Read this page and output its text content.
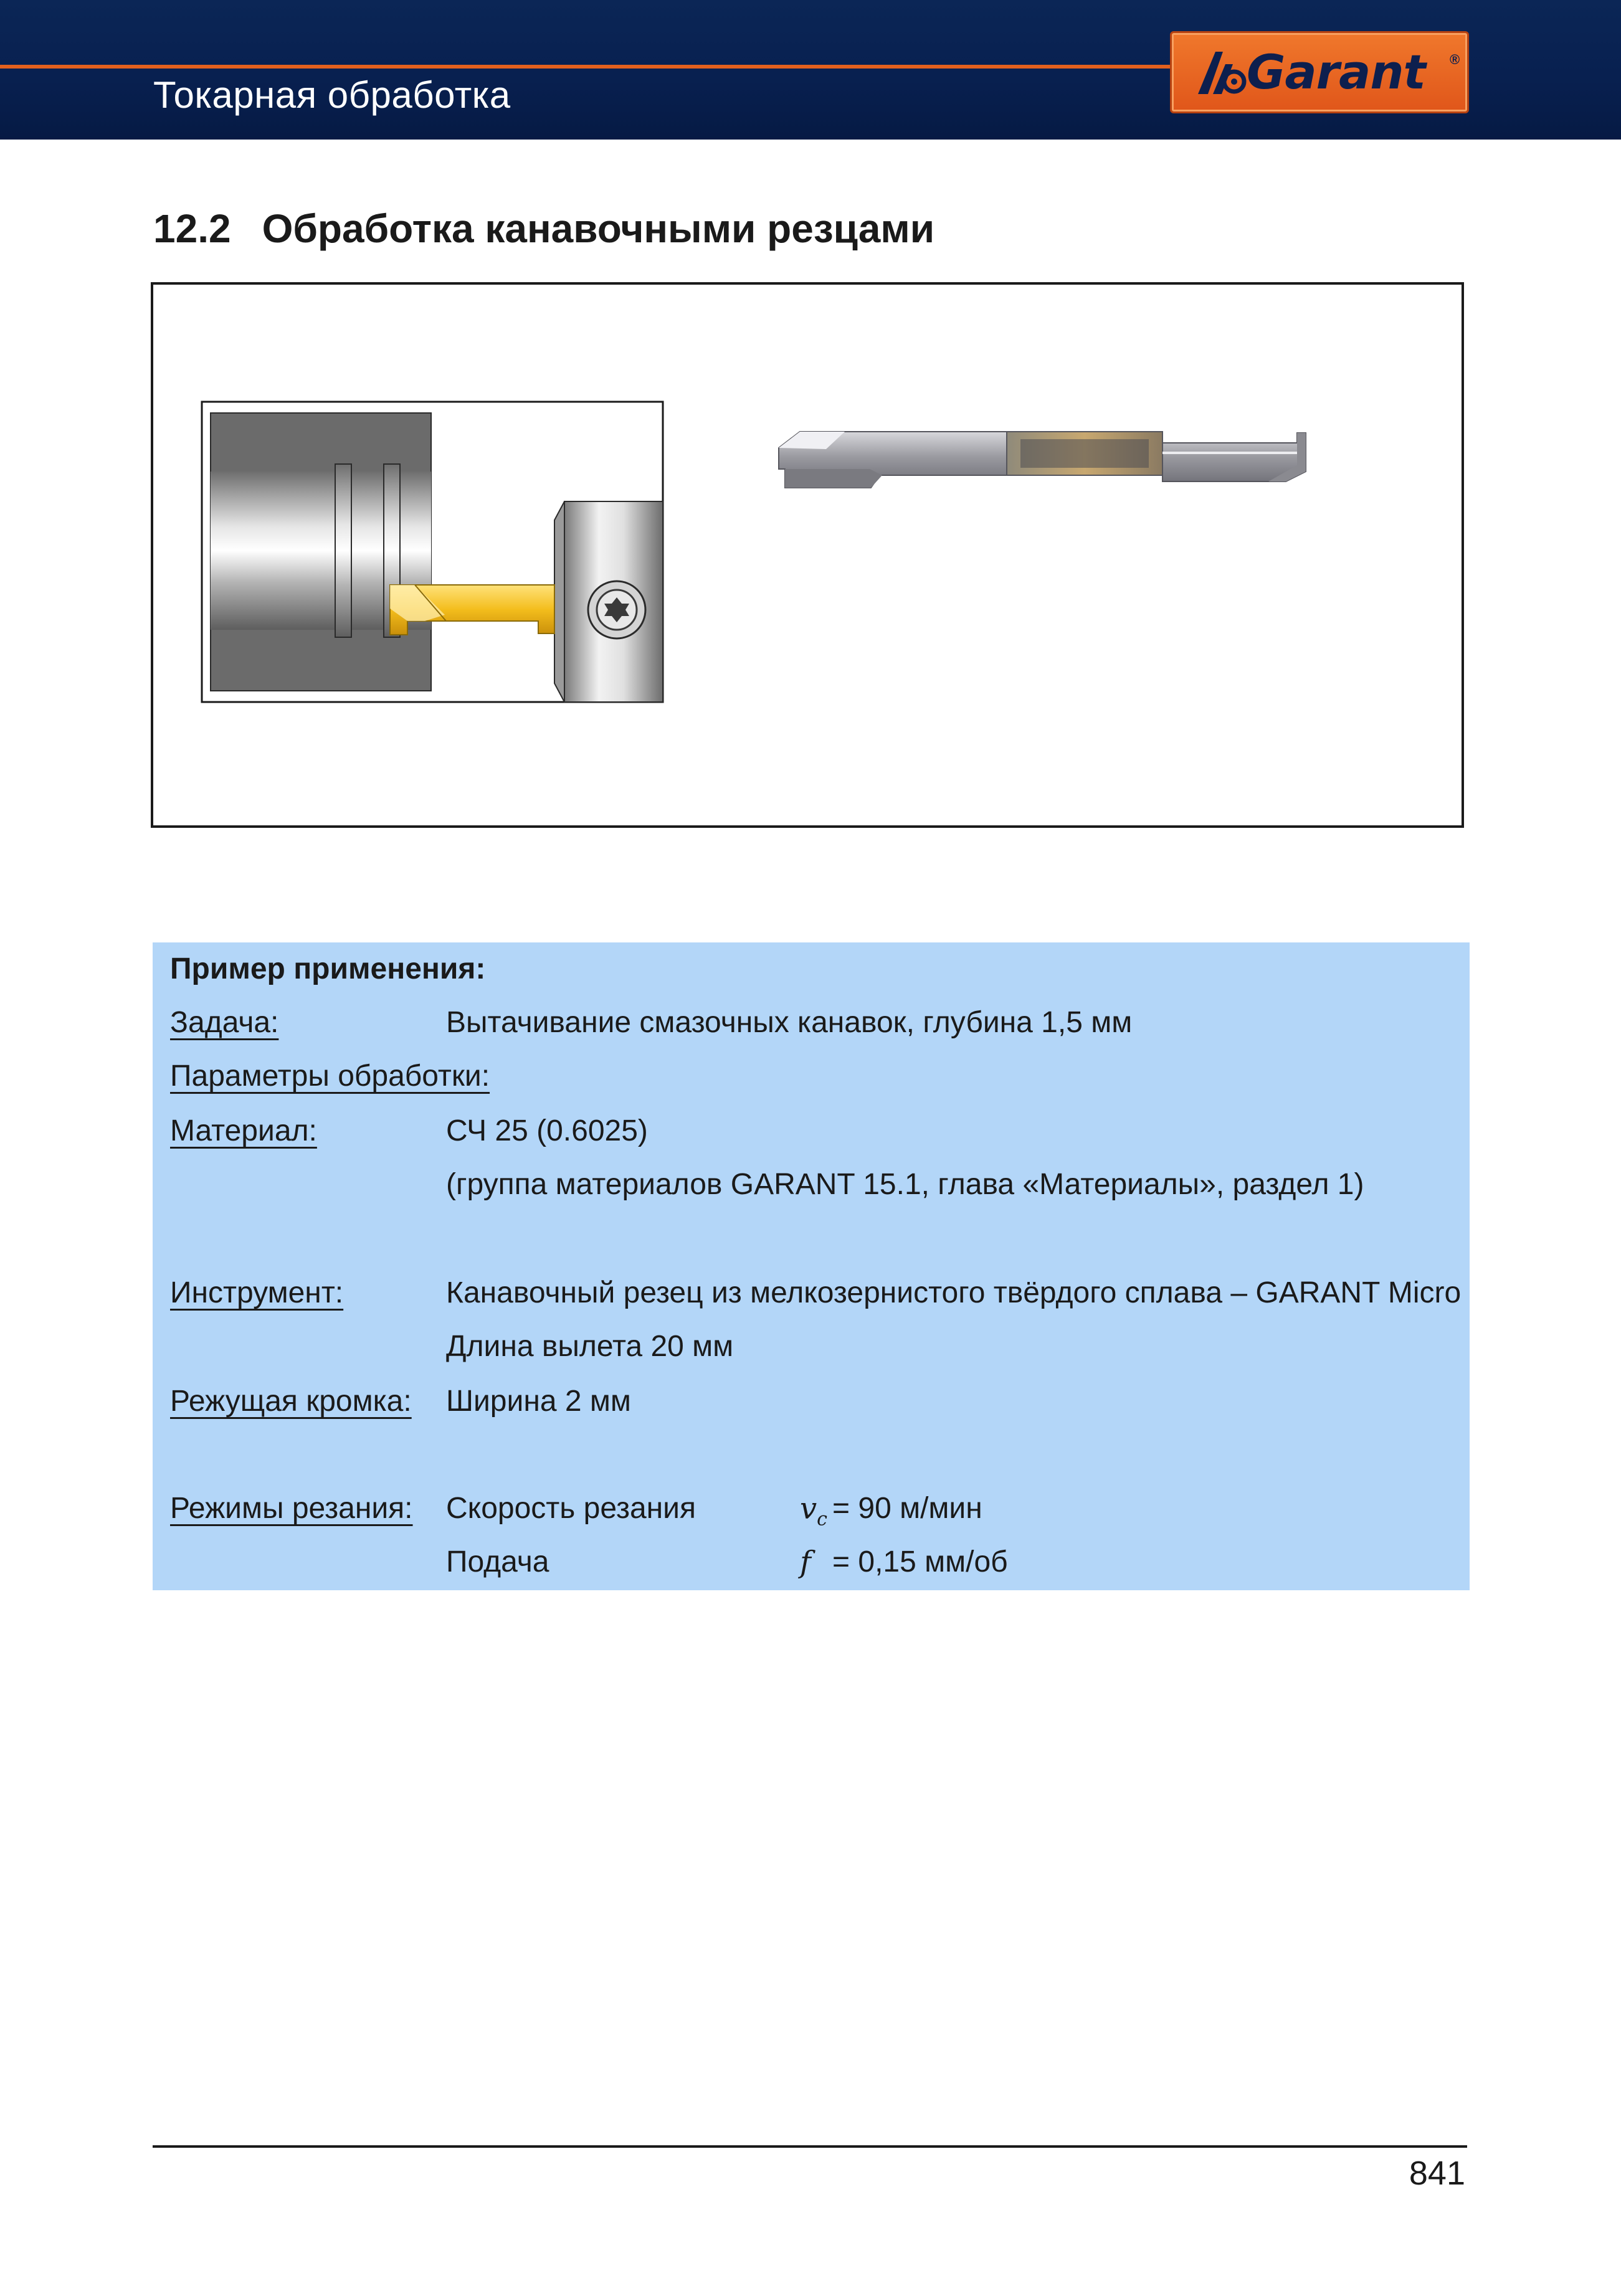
Токарная обработка	Garant ®
12.2 Обработка канавочными резцами
Пример применения:
Задача:	Вытачивание смазочных канавок, глубина 1,5 мм
Параметры обработки:
Материал:	СЧ 25 (0.6025)
(группа материалов GARANT 15.1, глава «Материалы», раздел 1)
Инструмент:	Канавочный резец из мелкозернистого твёрдого сплава – GARANT Micro
Длина вылета 20 мм
Режущая кромка: Ширина 2 мм
Режимы резания: Скорость резания	$v_c = 90$ м/мин
Подача	f = 0,15 мм/об
841
